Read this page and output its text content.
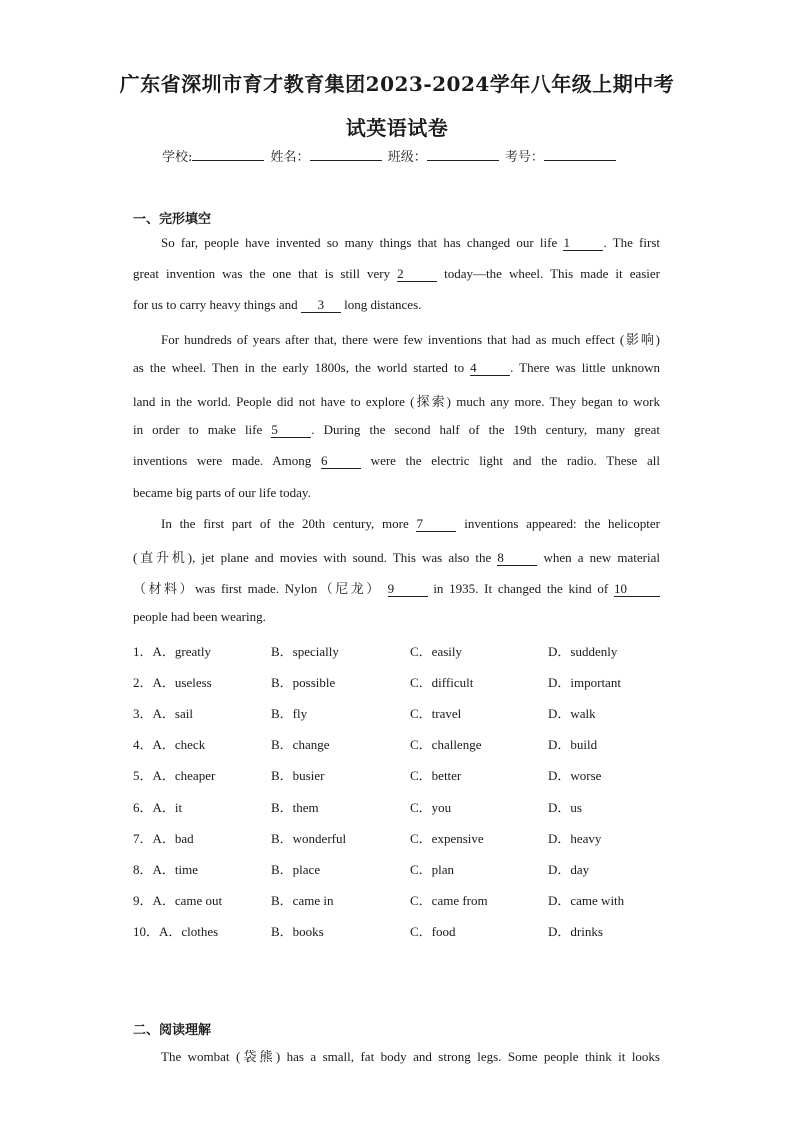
广东省深圳市育才教育集团2023-2024学年八年级上期中考
试英语试卷
学校:	姓名：	班级：	考号：
一、完形填空
So far, people have invented so many things that has changed our life 1	. The first
great invention was the one that is still very 2	today—the wheel. This made it easier
for us to carry heavy things and 3 long distances.
For hundreds of years after that, there were few inventions that had as much effect (影响)
as the wheel. Then in the early 1800s, the world started to 4	. There was little unknown
land in the world. People did not have to explore (探索) much any more. They began to work
in order to make life 5	. During the second half of the 19th century, many great
inventions were made. Among 6	were the electric light and the radio. These all
became big parts of our life today.
In the first part of the 20th century, more 7	inventions appeared: the helicopter
(直升机), jet plane and movies with sound. This was also the 8	when a new material
（材料）was first made. Nylon（尼龙） 9	in 1935. It changed the kind of 10
people had been wearing.
1．A．greatly	B．specially	C．easily	D．suddenly
2．A．useless	B．possible	C．difficult	D．important
3．A．sail	B．fly	C．travel	D．walk
4．A．check	B．change	C．challenge	D．build
5．A．cheaper	B．busier	C．better	D．worse
6．A．it	B．them	C．you	D．us
7．A．bad	B．wonderful	C．expensive	D．heavy
8．A．time	B．place	C．plan	D．day
9．A．came out	B．came in	C．came from	D．came with
10．A．clothes	B．books	C．food	D．drinks
二、阅读理解
The wombat (袋熊) has a small, fat body and strong legs. Some people think it looks
